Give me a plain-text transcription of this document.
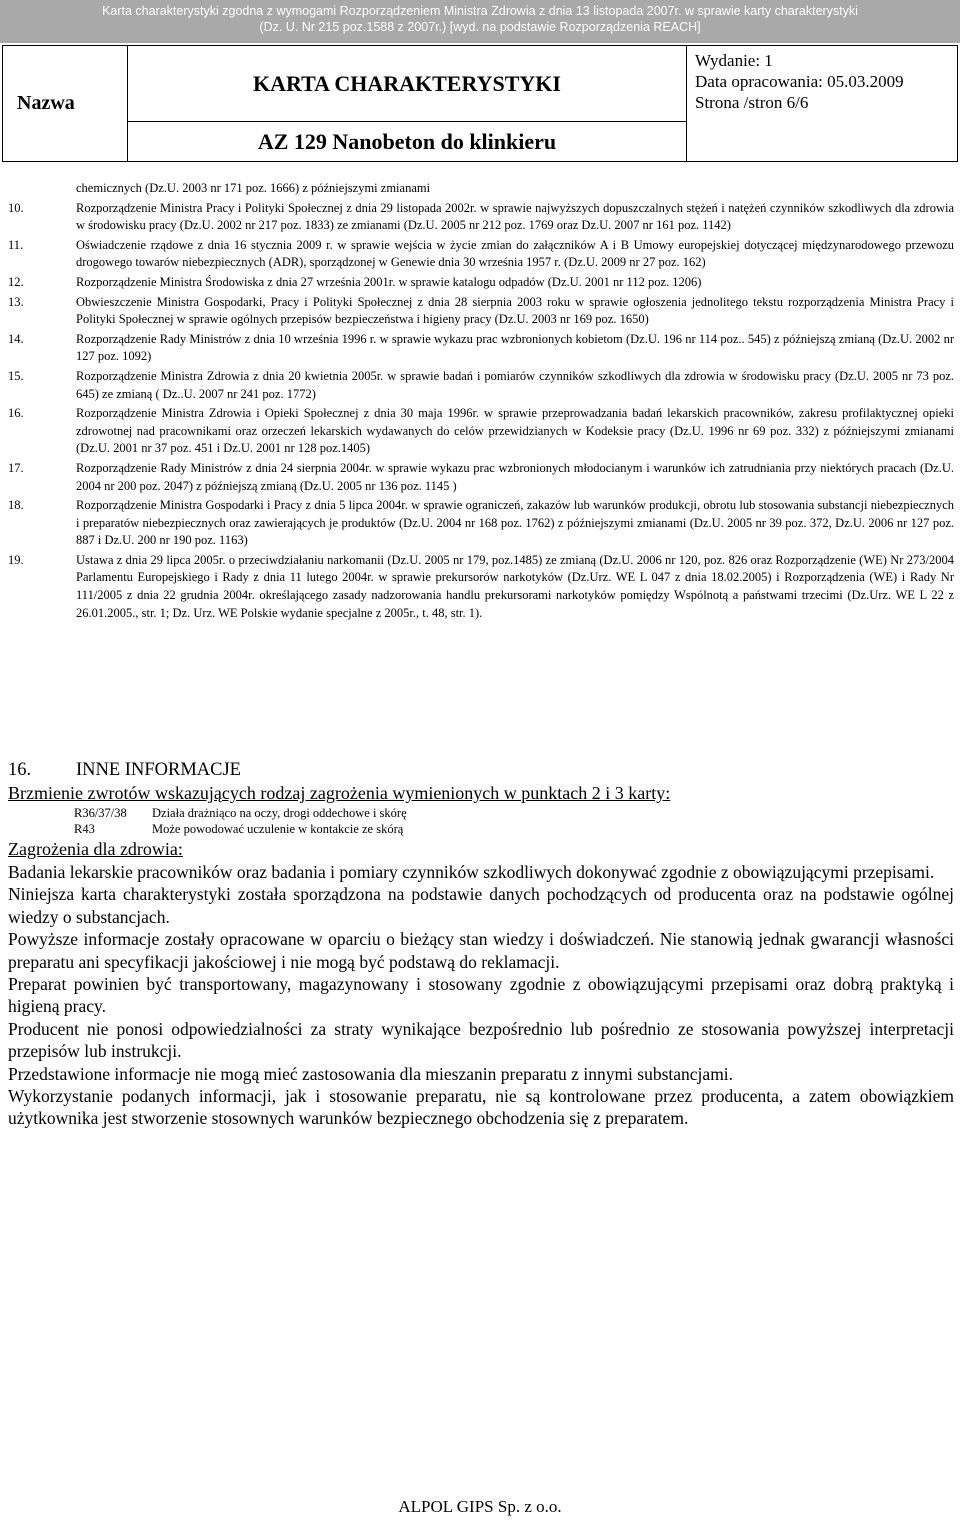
Karta charakterystyki zgodna z wymogami Rozporządzeniem Ministra Zdrowia z dnia 13 listopada 2007r. w sprawie karty charakterystyki
(Dz. U. Nr 215 poz.1588 z 2007r.) [wyd. na podstawie Rozporządzenia REACH]
Nazwa	KARTA CHARAKTERYSTYKI	
Wydanie: 1
Data opracowania: 05.03.2009
Strona /stron 6/6

AZ 129 Nanobeton do klinkieru
chemicznych (Dz.U. 2003 nr 171 poz. 1666) z późniejszymi zmianami
10.	Rozporządzenie Ministra Pracy i Polityki Społecznej z dnia 29 listopada 2002r. w sprawie najwyższych dopuszczalnych stężeń i natężeń czynników szkodliwych dla zdrowia w środowisku pracy (Dz.U. 2002 nr 217 poz. 1833) ze zmianami (Dz.U. 2005 nr 212 poz. 1769 oraz Dz.U. 2007 nr 161 poz. 1142)
11.	Oświadczenie rządowe z dnia 16 stycznia 2009 r. w sprawie wejścia w życie zmian do załączników A i B Umowy europejskiej dotyczącej międzynarodowego przewozu drogowego towarów niebezpiecznych (ADR), sporządzonej w Genewie dnia 30 września 1957 r. (Dz.U. 2009 nr 27 poz. 162)
12.	Rozporządzenie Ministra Środowiska z dnia 27 września 2001r. w sprawie katalogu odpadów (Dz.U. 2001 nr 112 poz. 1206)
13.	Obwieszczenie Ministra Gospodarki, Pracy i Polityki Społecznej z dnia 28 sierpnia 2003 roku w sprawie ogłoszenia jednolitego tekstu rozporządzenia Ministra Pracy i Polityki Społecznej w sprawie ogólnych przepisów bezpieczeństwa i higieny pracy (Dz.U. 2003 nr 169 poz. 1650)
14.	Rozporządzenie Rady Ministrów z dnia 10 września 1996 r. w sprawie wykazu prac wzbronionych kobietom (Dz.U. 196 nr 114 poz.. 545) z późniejszą zmianą (Dz.U. 2002 nr 127 poz. 1092)
15.	Rozporządzenie Ministra Zdrowia z dnia 20 kwietnia 2005r. w sprawie badań i pomiarów czynników szkodliwych dla zdrowia w środowisku pracy (Dz.U. 2005 nr 73 poz. 645) ze zmianą ( Dz..U. 2007 nr 241 poz. 1772)
16.	Rozporządzenie Ministra Zdrowia i Opieki Społecznej z dnia 30 maja 1996r. w sprawie przeprowadzania badań lekarskich pracowników, zakresu profilaktycznej opieki zdrowotnej nad pracownikami oraz orzeczeń lekarskich wydawanych do celów przewidzianych w Kodeksie pracy (Dz.U. 1996 nr 69 poz. 332) z późniejszymi zmianami (Dz.U. 2001 nr 37 poz. 451 i Dz.U. 2001 nr 128 poz.1405)
17.	Rozporządzenie Rady Ministrów z dnia 24 sierpnia 2004r. w sprawie wykazu prac wzbronionych młodocianym i warunków ich zatrudniania przy niektórych pracach (Dz.U. 2004 nr 200 poz. 2047) z późniejszą zmianą (Dz.U. 2005 nr 136 poz. 1145 )
18.	Rozporządzenie Ministra Gospodarki i Pracy z dnia 5 lipca 2004r. w sprawie ograniczeń, zakazów lub warunków produkcji, obrotu lub stosowania substancji niebezpiecznych i preparatów niebezpiecznych oraz zawierających je produktów (Dz.U. 2004 nr 168 poz. 1762) z późniejszymi zmianami (Dz.U. 2005 nr 39 poz. 372, Dz.U. 2006 nr 127 poz. 887 i Dz.U. 200 nr 190 poz. 1163)
19.	Ustawa z dnia 29 lipca 2005r. o przeciwdziałaniu narkomanii (Dz.U. 2005 nr 179, poz.1485) ze zmianą (Dz.U. 2006 nr 120, poz. 826 oraz Rozporządzenie (WE) Nr 273/2004 Parlamentu Europejskiego i Rady z dnia 11 lutego 2004r. w sprawie prekursorów narkotyków (Dz.Urz. WE L 047 z dnia 18.02.2005) i Rozporządzenia (WE) i Rady Nr 111/2005 z dnia 22 grudnia 2004r. określającego zasady nadzorowania handlu prekursorami narkotyków pomiędzy Wspólnotą a państwami trzecimi (Dz.Urz. WE L 22 z 26.01.2005., str. 1; Dz. Urz. WE Polskie wydanie specjalne z 2005r., t. 48, str. 1).
16.	INNE INFORMACJE
Brzmienie zwrotów wskazujących rodzaj zagrożenia wymienionych w punktach 2 i 3 karty:
R36/37/38	Działa drażniąco na oczy, drogi oddechowe i skórę
R43	Może powodować uczulenie w kontakcie ze skórą
Zagrożenia dla zdrowia:

Badania lekarskie pracowników oraz badania i pomiary czynników szkodliwych dokonywać zgodnie z obowiązującymi przepisami.

Niniejsza karta charakterystyki została sporządzona na podstawie danych pochodzących od producenta oraz na podstawie ogólnej wiedzy o substancjach.

Powyższe informacje zostały opracowane w oparciu o bieżący stan wiedzy i doświadczeń. Nie stanowią jednak gwarancji własności preparatu ani specyfikacji jakościowej i nie mogą być podstawą do reklamacji.

Preparat powinien być transportowany, magazynowany i stosowany zgodnie z obowiązującymi przepisami oraz dobrą praktyką i higieną pracy.

Producent nie ponosi odpowiedzialności za straty wynikające bezpośrednio lub pośrednio ze stosowania powyższej interpretacji przepisów lub instrukcji.

Przedstawione informacje nie mogą mieć zastosowania dla mieszanin preparatu z innymi substancjami.

Wykorzystanie podanych informacji, jak i stosowanie preparatu, nie są kontrolowane przez producenta, a zatem obowiązkiem użytkownika jest stworzenie stosownych warunków bezpiecznego obchodzenia się z preparatem.

ALPOL GIPS Sp. z o.o.
